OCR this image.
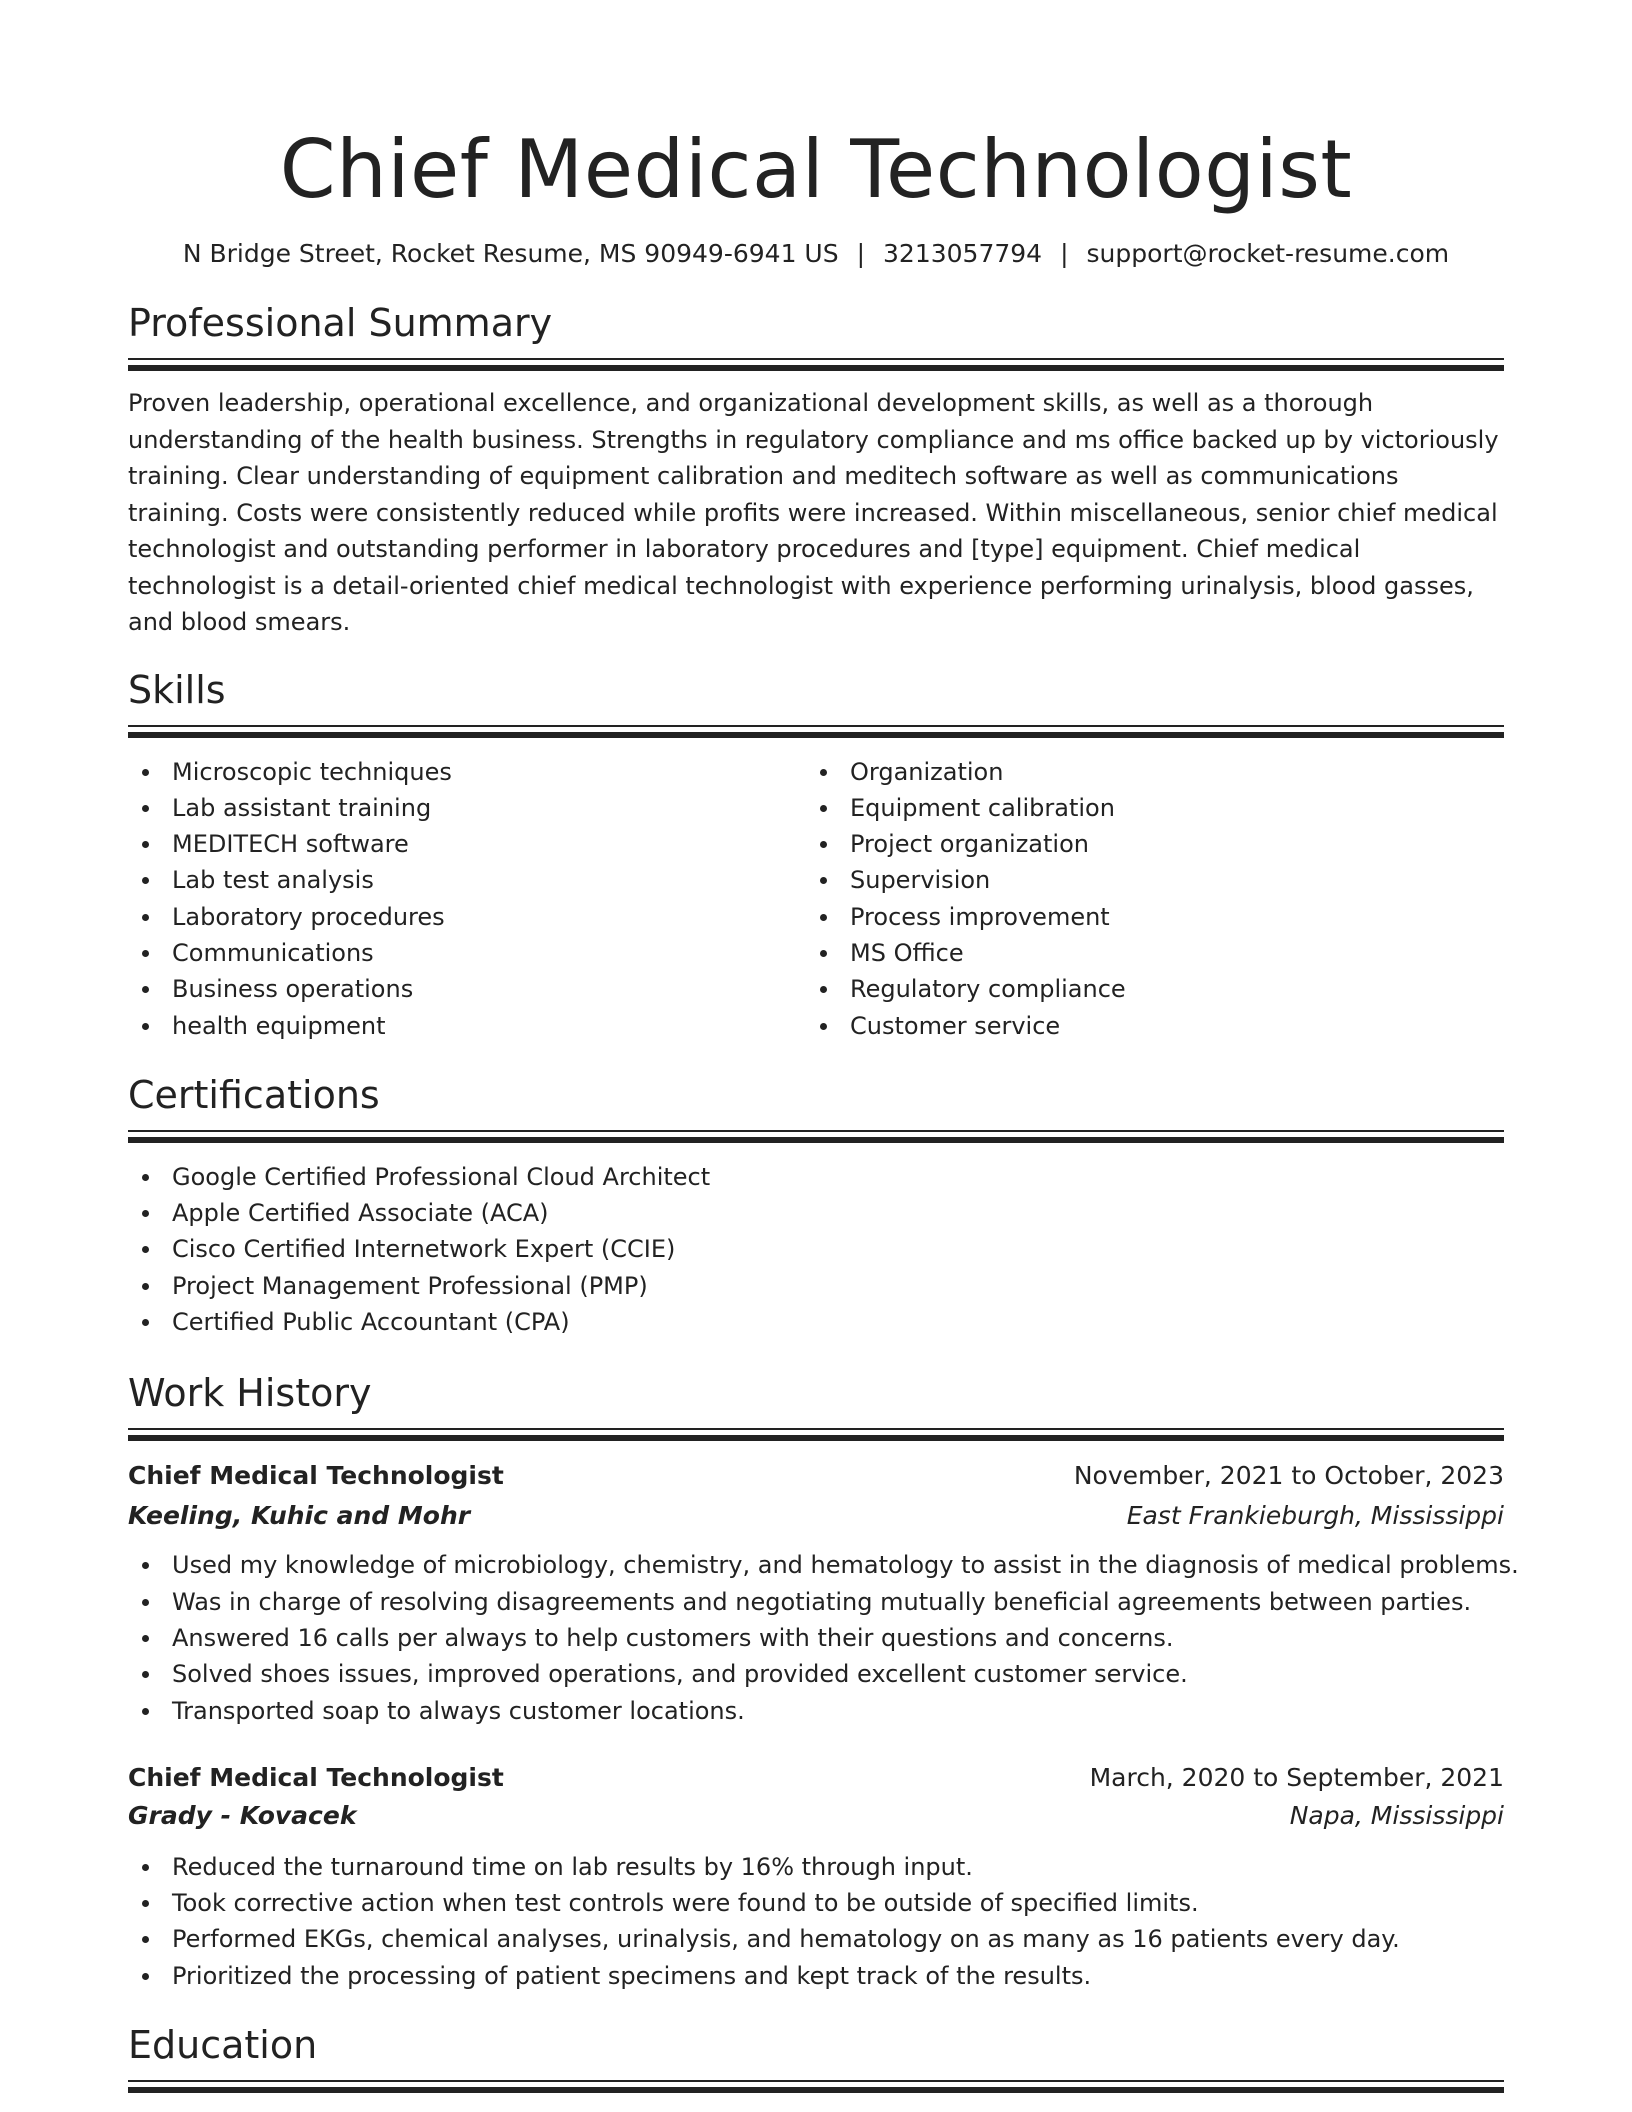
Chief Medical Technologist
N Bridge Street, Rocket Resume, MS 90949-6941 US | 3213057794 | support@rocket-resume.com
Professional Summary
Proven leadership, operational excellence, and organizational development skills, as well as a thorough understanding of the health business. Strengths in regulatory compliance and ms office backed up by victoriously training. Clear understanding of equipment calibration and meditech software as well as communications training. Costs were consistently reduced while profits were increased. Within miscellaneous, senior chief medical technologist and outstanding performer in laboratory procedures and [type] equipment. Chief medical technologist is a detail-oriented chief medical technologist with experience performing urinalysis, blood gasses, and blood smears.
Skills
Microscopic techniques
Lab assistant training
MEDITECH software
Lab test analysis
Laboratory procedures
Communications
Business operations
health equipment
Organization
Equipment calibration
Project organization
Supervision
Process improvement
MS Office
Regulatory compliance
Customer service
Certifications
Google Certified Professional Cloud Architect
Apple Certified Associate (ACA)
Cisco Certified Internetwork Expert (CCIE)
Project Management Professional (PMP)
Certified Public Accountant (CPA)
Work History
Chief Medical Technologist	November, 2021 to October, 2023
Keeling, Kuhic and Mohr	East Frankieburgh, Mississippi
Used my knowledge of microbiology, chemistry, and hematology to assist in the diagnosis of medical problems.
Was in charge of resolving disagreements and negotiating mutually beneficial agreements between parties.
Answered 16 calls per always to help customers with their questions and concerns.
Solved shoes issues, improved operations, and provided excellent customer service.
Transported soap to always customer locations.
Chief Medical Technologist	March, 2020 to September, 2021
Grady - Kovacek	Napa, Mississippi
Reduced the turnaround time on lab results by 16% through input.
Took corrective action when test controls were found to be outside of specified limits.
Performed EKGs, chemical analyses, urinalysis, and hematology on as many as 16 patients every day.
Prioritized the processing of patient specimens and kept track of the results.
Education
